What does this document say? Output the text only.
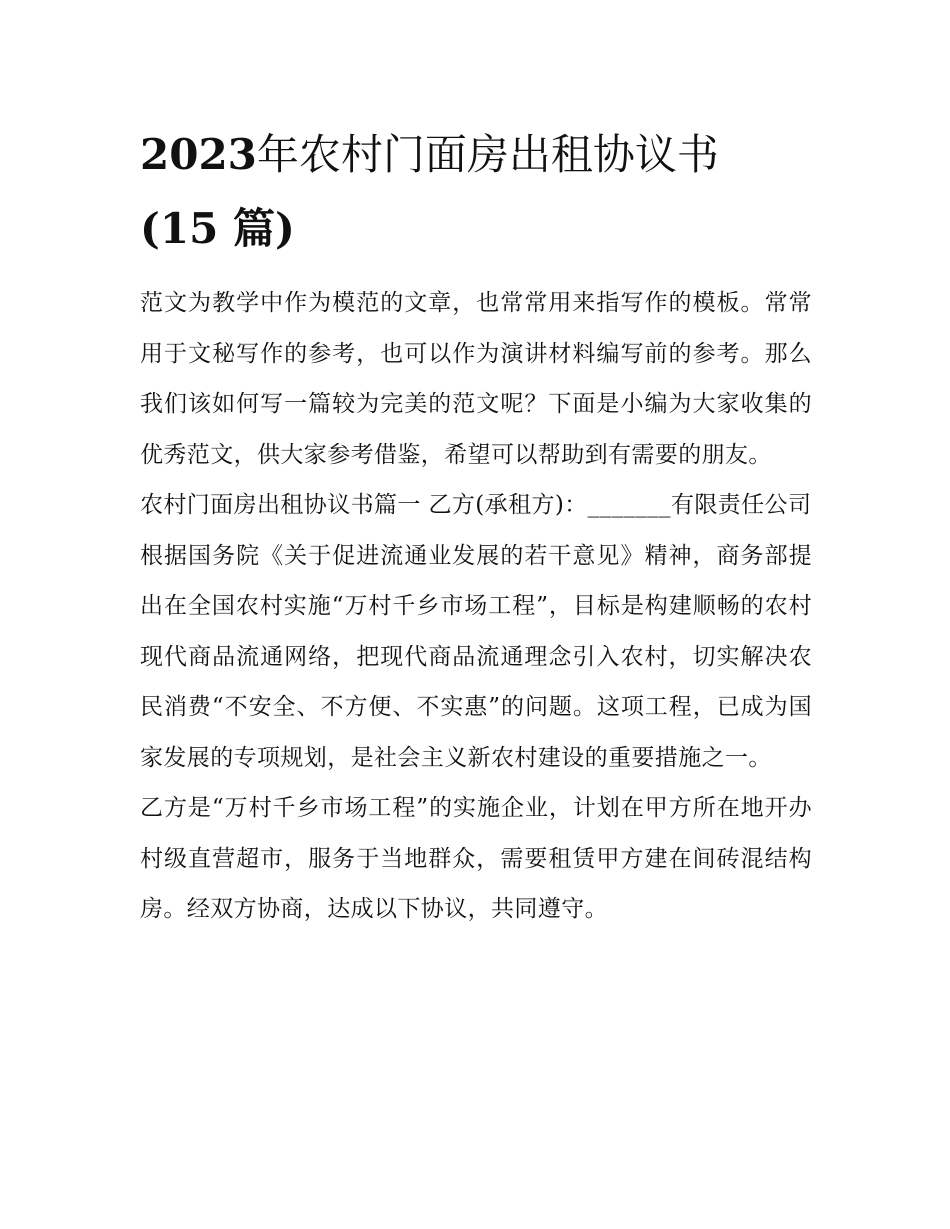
2023年农村门面房出租协议书
(15 篇)

范文为教学中作为模范的文章，也常常用来指写作的模板。常常用于文秘写作的参考，也可以作为演讲材料编写前的参考。那么我们该如何写一篇较为完美的范文呢？下面是小编为大家收集的优秀范文，供大家参考借鉴，希望可以帮助到有需要的朋友。

农村门面房出租协议书篇一 乙方(承租方)：_______有限责任公司

根据国务院《关于促进流通业发展的若干意见》精神，商务部提出在全国农村实施“万村千乡市场工程”，目标是构建顺畅的农村现代商品流通网络，把现代商品流通理念引入农村，切实解决农民消费“不安全、不方便、不实惠”的问题。这项工程，已成为国家发展的专项规划，是社会主义新农村建设的重要措施之一。

乙方是“万村千乡市场工程”的实施企业，计划在甲方所在地开办村级直营超市，服务于当地群众，需要租赁甲方建在间砖混结构房。经双方协商，达成以下协议，共同遵守。
